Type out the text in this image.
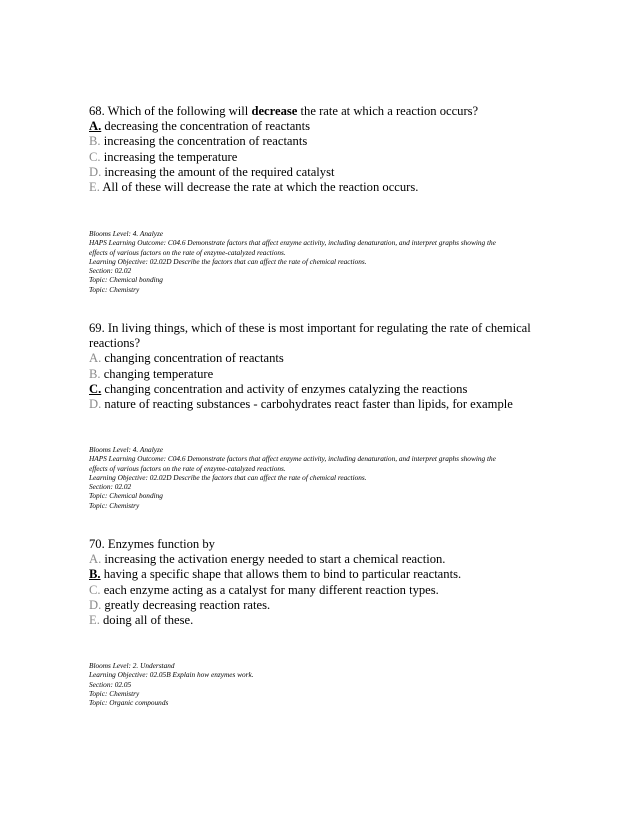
68. Which of the following will decrease the rate at which a reaction occurs?

A. decreasing the concentration of reactants

B. increasing the concentration of reactants

C. increasing the temperature

D. increasing the amount of the required catalyst

E. All of these will decrease the rate at which the reaction occurs.

Blooms Level: 4. Analyze
HAPS Learning Outcome: C04.6 Demonstrate factors that affect enzyme activity, including denaturation, and interpret graphs showing the
effects of various factors on the rate of enzyme-catalyzed reactions.
Learning Objective: 02.02D Describe the factors that can affect the rate of chemical reactions.
Section: 02.02
Topic: Chemical bonding
Topic: Chemistry

69. In living things, which of these is most important for regulating the rate of chemical

reactions?

A. changing concentration of reactants

B. changing temperature

C. changing concentration and activity of enzymes catalyzing the reactions

D. nature of reacting substances - carbohydrates react faster than lipids, for example

Blooms Level: 4. Analyze
HAPS Learning Outcome: C04.6 Demonstrate factors that affect enzyme activity, including denaturation, and interpret graphs showing the
effects of various factors on the rate of enzyme-catalyzed reactions.
Learning Objective: 02.02D Describe the factors that can affect the rate of chemical reactions.
Section: 02.02
Topic: Chemical bonding
Topic: Chemistry

70. Enzymes function by

A. increasing the activation energy needed to start a chemical reaction.

B. having a specific shape that allows them to bind to particular reactants.

C. each enzyme acting as a catalyst for many different reaction types.

D. greatly decreasing reaction rates.

E. doing all of these.

Blooms Level: 2. Understand
Learning Objective: 02.05B Explain how enzymes work.
Section: 02.05
Topic: Chemistry
Topic: Organic compounds
